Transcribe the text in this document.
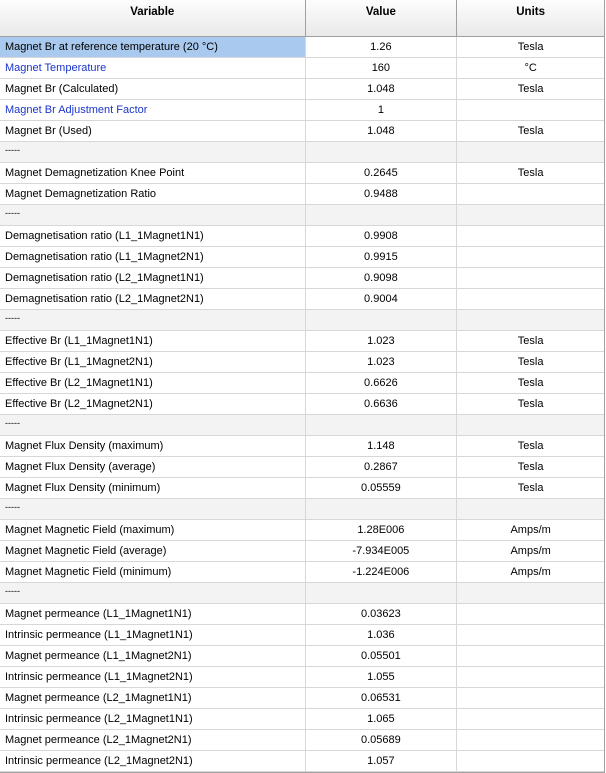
Variable	Value	Units
Magnet Br at reference temperature (20 °C)	1.26	Tesla
Magnet Temperature	160	°C
Magnet Br (Calculated)	1.048	Tesla
Magnet Br Adjustment Factor	1
Magnet Br (Used)	1.048	Tesla
-----
Magnet Demagnetization Knee Point	0.2645	Tesla
Magnet Demagnetization Ratio	0.9488
-----
Demagnetisation ratio (L1_1Magnet1N1)	0.9908
Demagnetisation ratio (L1_1Magnet2N1)	0.9915
Demagnetisation ratio (L2_1Magnet1N1)	0.9098
Demagnetisation ratio (L2_1Magnet2N1)	0.9004
-----
Effective Br (L1_1Magnet1N1)	1.023	Tesla
Effective Br (L1_1Magnet2N1)	1.023	Tesla
Effective Br (L2_1Magnet1N1)	0.6626	Tesla
Effective Br (L2_1Magnet2N1)	0.6636	Tesla
-----
Magnet Flux Density (maximum)	1.148	Tesla
Magnet Flux Density (average)	0.2867	Tesla
Magnet Flux Density (minimum)	0.05559	Tesla
-----
Magnet Magnetic Field (maximum)	1.28E006	Amps/m
Magnet Magnetic Field (average)	-7.934E005	Amps/m
Magnet Magnetic Field (minimum)	-1.224E006	Amps/m
-----
Magnet permeance (L1_1Magnet1N1)	0.03623
Intrinsic permeance (L1_1Magnet1N1)	1.036
Magnet permeance (L1_1Magnet2N1)	0.05501
Intrinsic permeance (L1_1Magnet2N1)	1.055
Magnet permeance (L2_1Magnet1N1)	0.06531
Intrinsic permeance (L2_1Magnet1N1)	1.065
Magnet permeance (L2_1Magnet2N1)	0.05689
Intrinsic permeance (L2_1Magnet2N1)	1.057
